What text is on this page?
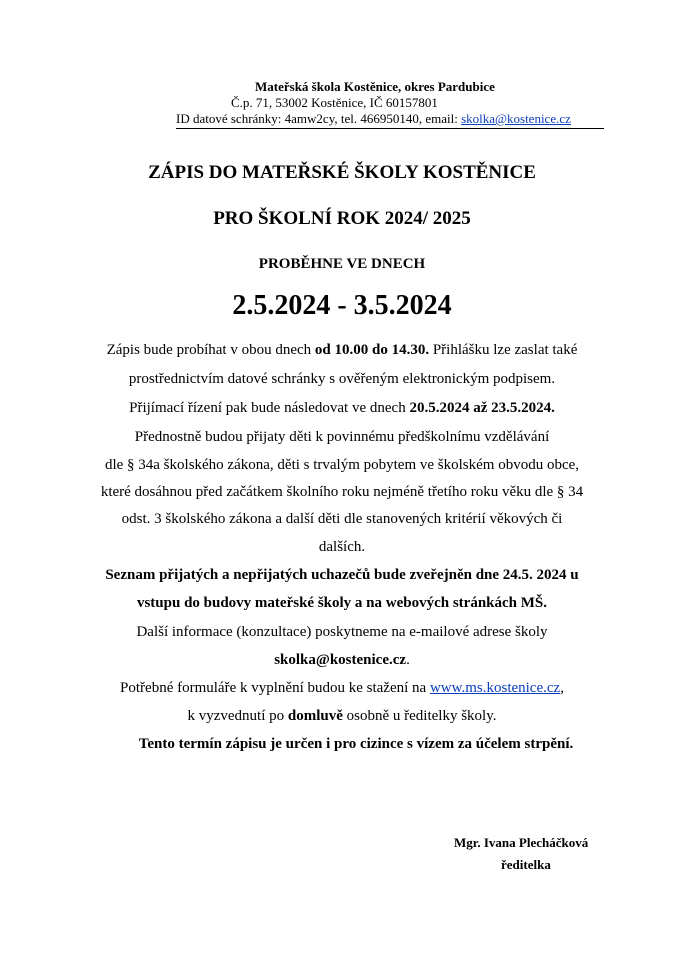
Mateřská škola Kostěnice, okres Pardubice
Č.p. 71, 53002 Kostěnice, IČ 60157801
ID datové schránky: 4amw2cy, tel. 466950140, email: skolka@kostenice.cz
ZÁPIS DO MATEŘSKÉ ŠKOLY KOSTĚNICE
PRO ŠKOLNÍ ROK 2024/ 2025
PROBĚHNE VE DNECH
2.5.2024 - 3.5.2024
Zápis bude probíhat v obou dnech od 10.00 do 14.30. Přihlášku lze zaslat také
prostřednictvím datové schránky s ověřeným elektronickým podpisem.
Přijímací řízení pak bude následovat ve dnech 20.5.2024 až 23.5.2024.
Přednostně budou přijaty děti k povinnému předškolnímu vzdělávání
dle § 34a školského zákona, děti s trvalým pobytem ve školském obvodu obce,
které dosáhnou před začátkem školního roku nejméně třetího roku věku dle § 34
odst. 3 školského zákona a další děti dle stanovených kritérií věkových či
dalších.
Seznam přijatých a nepřijatých uchazečů bude zveřejněn dne 24.5. 2024 u
vstupu do budovy mateřské školy a na webových stránkách MŠ.
Další informace (konzultace) poskytneme na e-mailové adrese školy
skolka@kostenice.cz.
Potřebné formuláře k vyplnění budou ke stažení na www.ms.kostenice.cz,
k vyzvednutí po domluvě osobně u ředitelky školy.
Tento termín zápisu je určen i pro cizince s vízem za účelem strpění.
Mgr. Ivana Plecháčková
ředitelka
